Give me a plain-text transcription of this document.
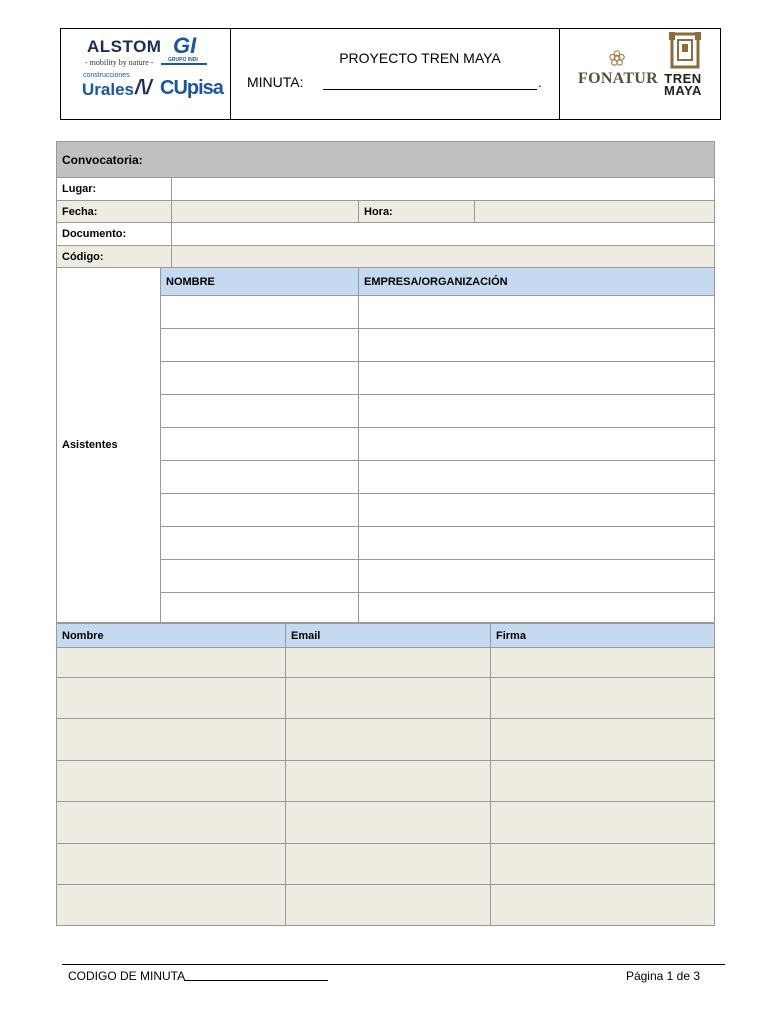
ALSTOM
- mobility by nature -
GI
GRUPO INDI
construcciones
Urales /\/ CUpisa
PROYECTO TREN MAYA
MINUTA:	. FONATUR TREN
MAYA
Convocatoria:				
Lugar:				
Fecha:			Hora:	
Documento:				
Código:				
Asistentes	NOMBRE		EMPRESA/ORGANIZACIÓN	

Nombre	Email	Firma

CODIGO DE MINUTA	Página 1 de 3
